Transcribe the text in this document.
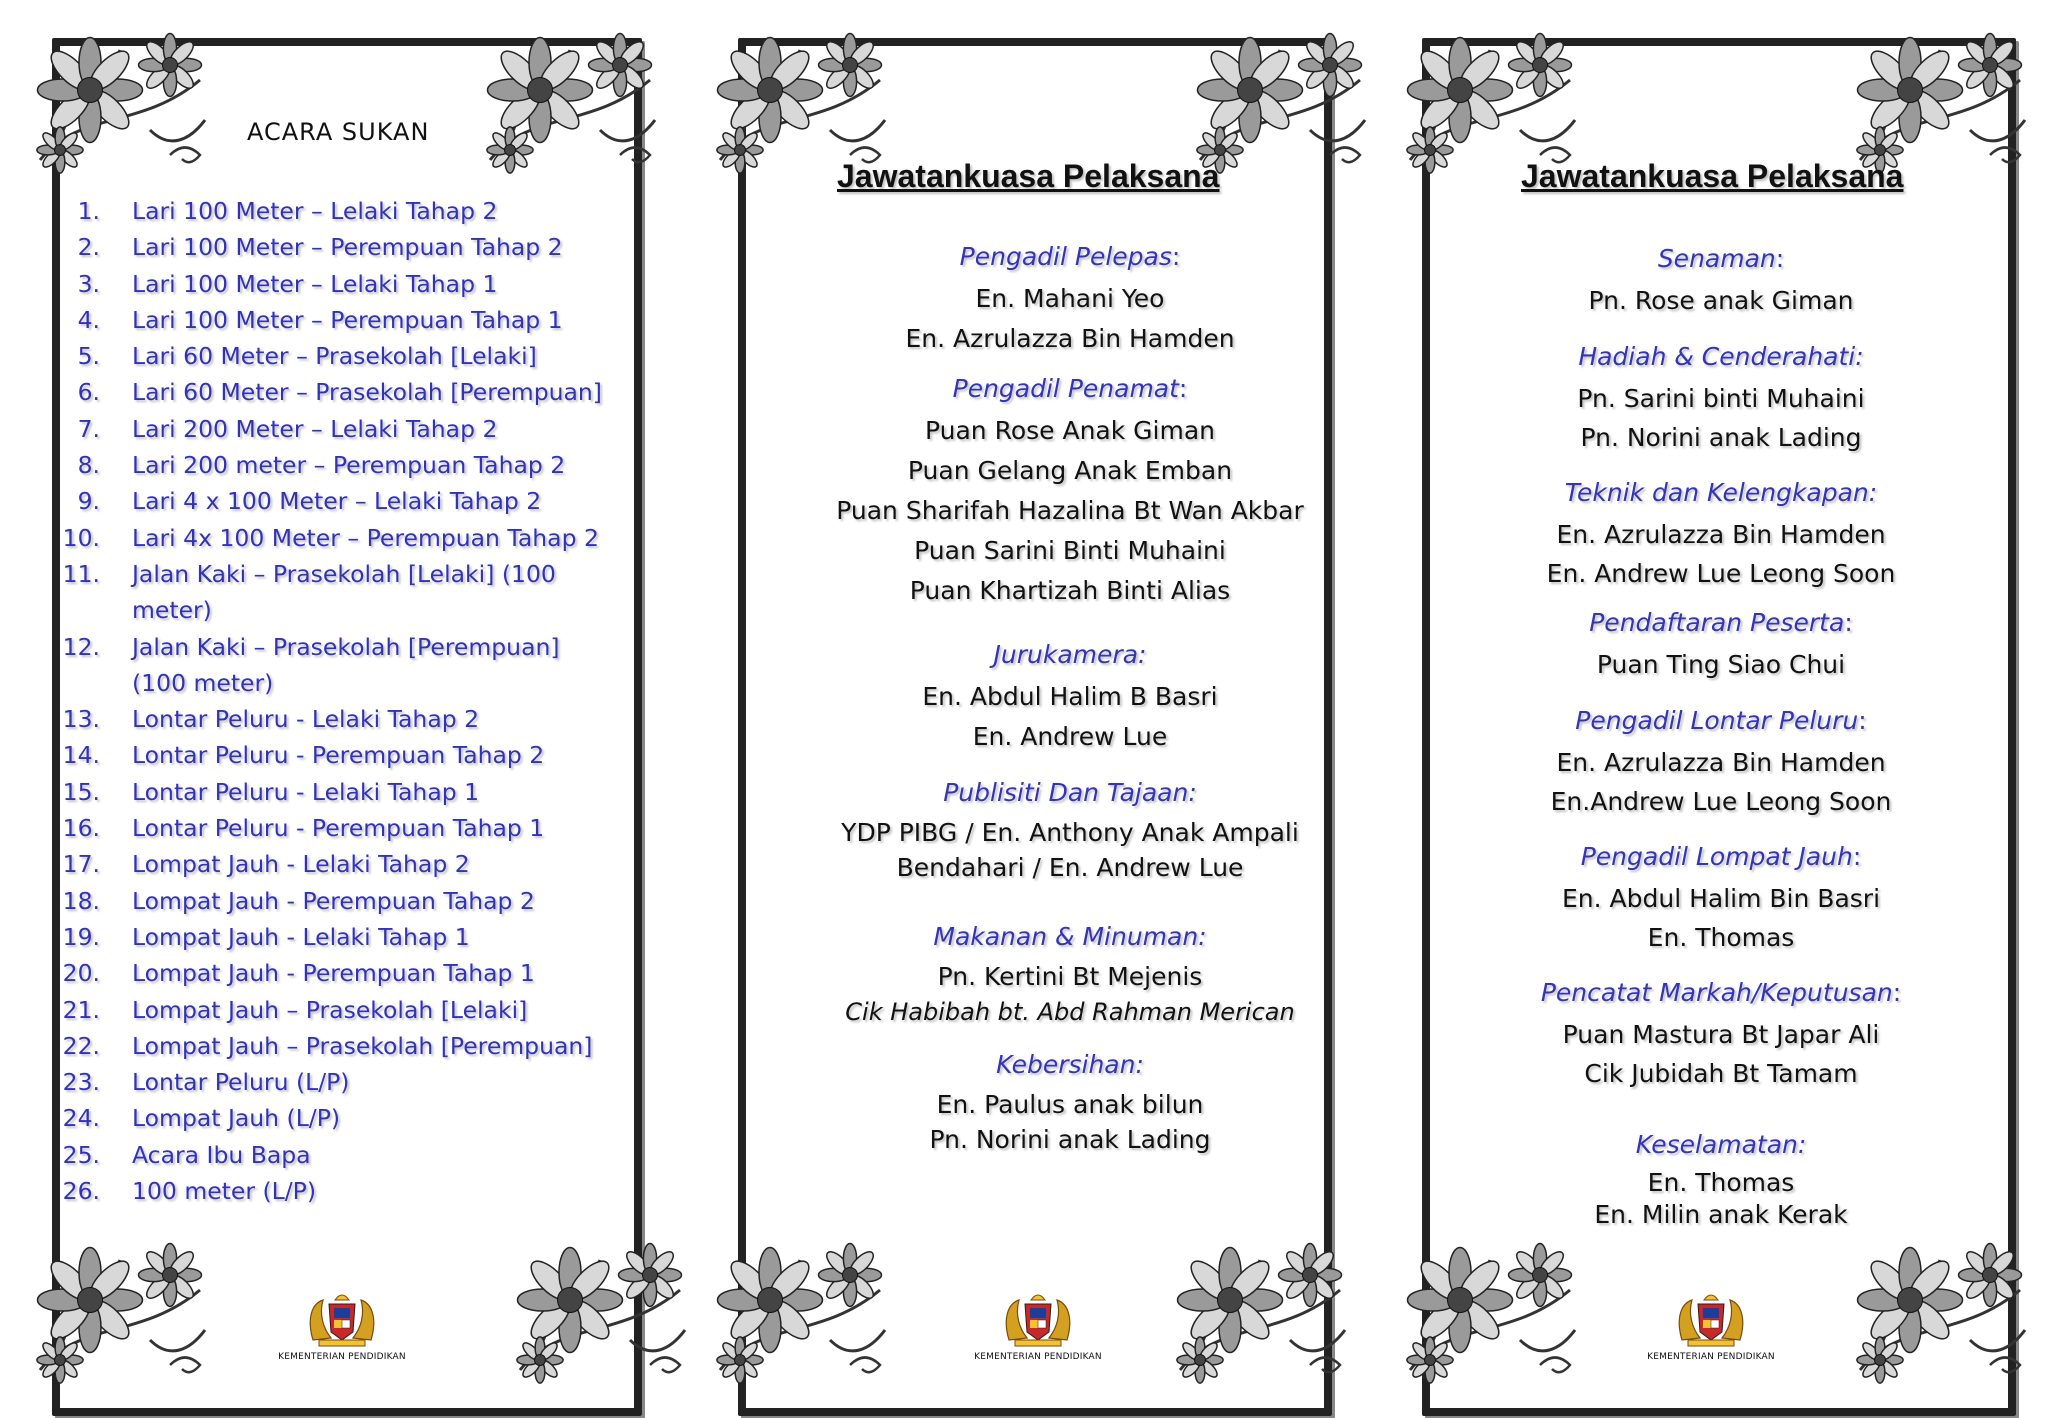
ACARA SUKAN
1. Lari 100 Meter – Lelaki Tahap 2
2. Lari 100 Meter – Perempuan Tahap 2
3. Lari 100 Meter – Lelaki Tahap 1
4. Lari 100 Meter – Perempuan Tahap 1
5. Lari 60 Meter – Prasekolah [Lelaki]
6. Lari 60 Meter – Prasekolah [Perempuan]
7. Lari 200 Meter – Lelaki Tahap 2
8. Lari 200 meter – Perempuan Tahap 2
9. Lari 4 x 100 Meter – Lelaki Tahap 2
10. Lari 4x 100 Meter – Perempuan Tahap 2
11. Jalan Kaki – Prasekolah [Lelaki] (100 meter)
12. Jalan Kaki – Prasekolah [Perempuan] (100 meter)
13. Lontar Peluru - Lelaki Tahap 2
14. Lontar Peluru - Perempuan Tahap 2
15. Lontar Peluru - Lelaki Tahap 1
16. Lontar Peluru - Perempuan Tahap 1
17. Lompat Jauh - Lelaki Tahap 2
18. Lompat Jauh - Perempuan Tahap 2
19. Lompat Jauh - Lelaki Tahap 1
20. Lompat Jauh - Perempuan Tahap 1
21. Lompat Jauh – Prasekolah [Lelaki]
22. Lompat Jauh – Prasekolah [Perempuan]
23. Lontar Peluru (L/P)
24. Lompat Jauh (L/P)
25. Acara Ibu Bapa
26. 100 meter (L/P)
KEMENTERIAN PENDIDIKAN
Jawatankuasa Pelaksana
Pengadil Pelepas:
En. Mahani Yeo
En. Azrulazza Bin Hamden
Pengadil Penamat:
Puan Rose Anak Giman
Puan Gelang Anak Emban
Puan Sharifah Hazalina Bt Wan Akbar
Puan Sarini Binti Muhaini
Puan Khartizah Binti Alias
Jurukamera:
En. Abdul Halim B Basri
En. Andrew Lue
Publisiti Dan Tajaan:
YDP PIBG / En. Anthony Anak Ampali
Bendahari / En. Andrew Lue
Makanan & Minuman:
Pn. Kertini Bt Mejenis
Cik Habibah bt. Abd Rahman Merican
Kebersihan:
En. Paulus anak bilun
Pn. Norini anak Lading
KEMENTERIAN PENDIDIKAN
Jawatankuasa Pelaksana
Senaman:
Pn. Rose anak Giman
Hadiah & Cenderahati:
Pn. Sarini binti Muhaini
Pn. Norini anak Lading
Teknik dan Kelengkapan:
En. Azrulazza Bin Hamden
En. Andrew Lue Leong Soon
Pendaftaran Peserta:
Puan Ting Siao Chui
Pengadil Lontar Peluru:
En. Azrulazza Bin Hamden
En.Andrew Lue Leong Soon
Pengadil Lompat Jauh:
En. Abdul Halim Bin Basri
En. Thomas
Pencatat Markah/Keputusan:
Puan Mastura Bt Japar Ali
Cik Jubidah Bt Tamam
Keselamatan:
En. Thomas
En. Milin anak Kerak
KEMENTERIAN PENDIDIKAN
